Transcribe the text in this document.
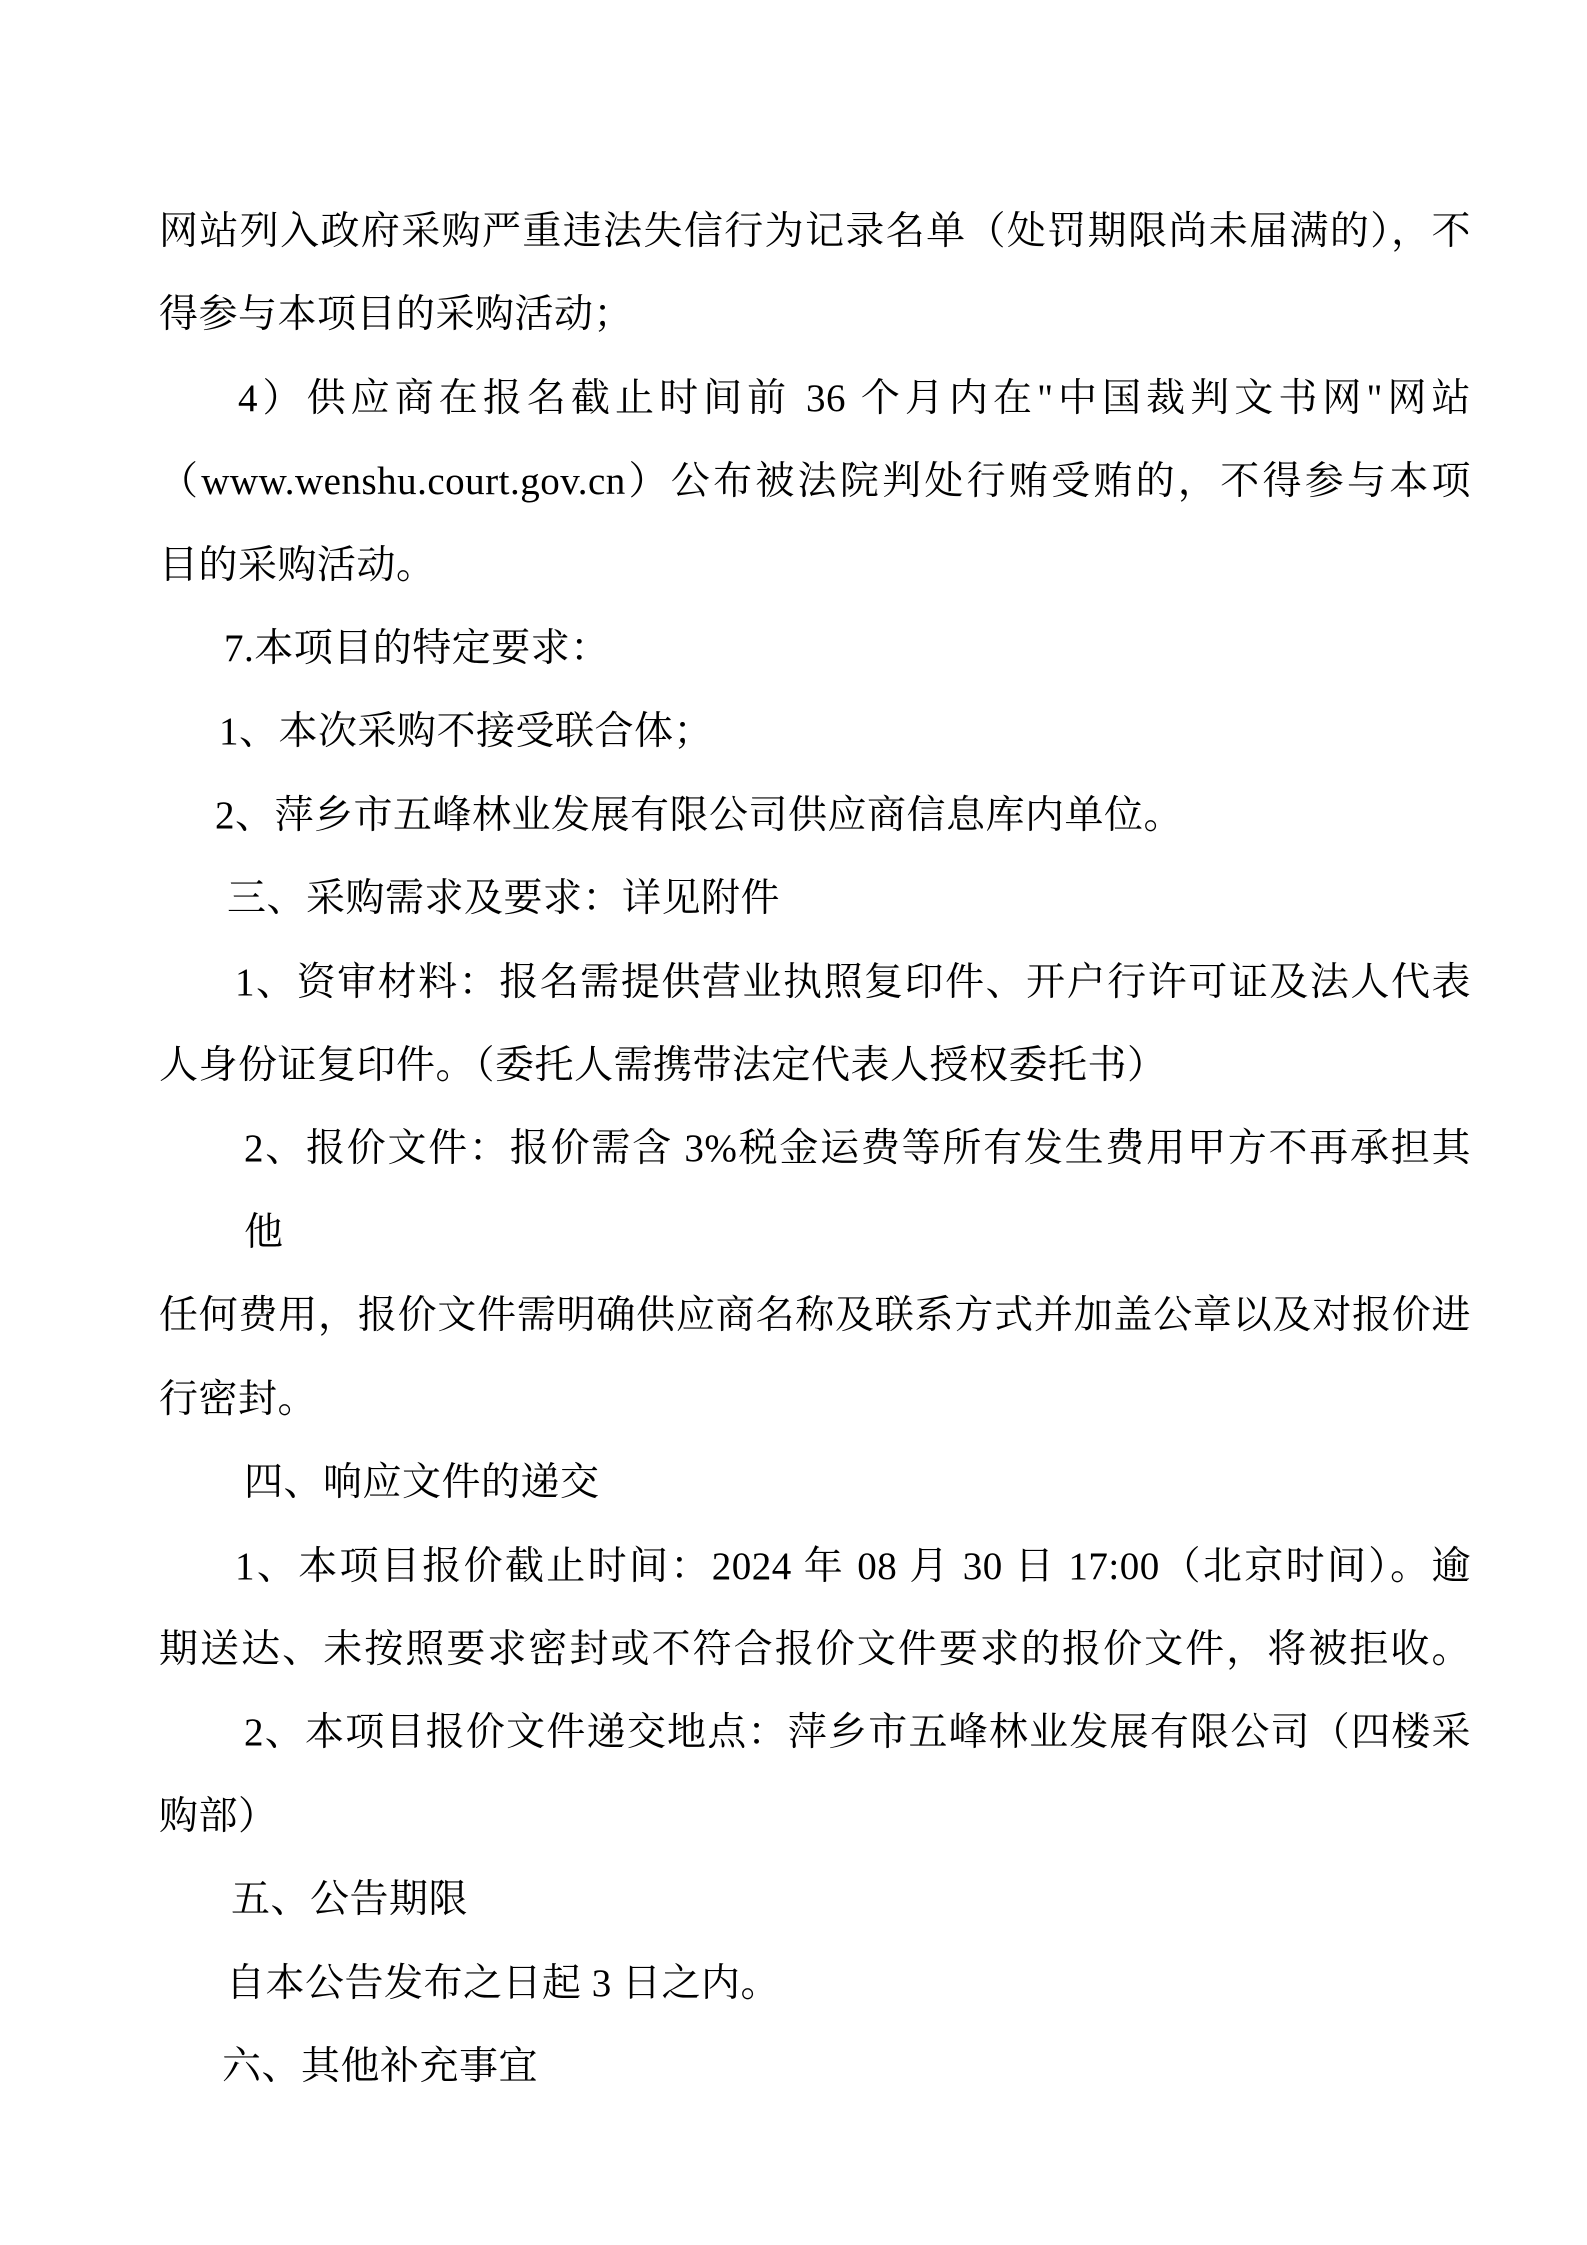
网站列入政府采购严重违法失信行为记录名单（处罚期限尚未届满的），不

得参与本项目的采购活动；

4）供应商在报名截止时间前 36 个月内在"中国裁判文书网"网站

（www.wenshu.court.gov.cn）公布被法院判处行贿受贿的，不得参与本项

目的采购活动。

7.本项目的特定要求：

1、本次采购不接受联合体；

2、萍乡市五峰林业发展有限公司供应商信息库内单位。

三、采购需求及要求：详见附件

1、资审材料：报名需提供营业执照复印件、开户行许可证及法人代表

人身份证复印件。（委托人需携带法定代表人授权委托书）

2、报价文件：报价需含 3%税金运费等所有发生费用甲方不再承担其他

任何费用，报价文件需明确供应商名称及联系方式并加盖公章以及对报价进

行密封。

四、响应文件的递交

1、本项目报价截止时间：2024 年 08 月 30 日 17:00（北京时间）。逾

期送达、未按照要求密封或不符合报价文件要求的报价文件，将被拒收。

2、本项目报价文件递交地点：萍乡市五峰林业发展有限公司（四楼采

购部）

五、公告期限

自本公告发布之日起 3 日之内。

六、其他补充事宜
